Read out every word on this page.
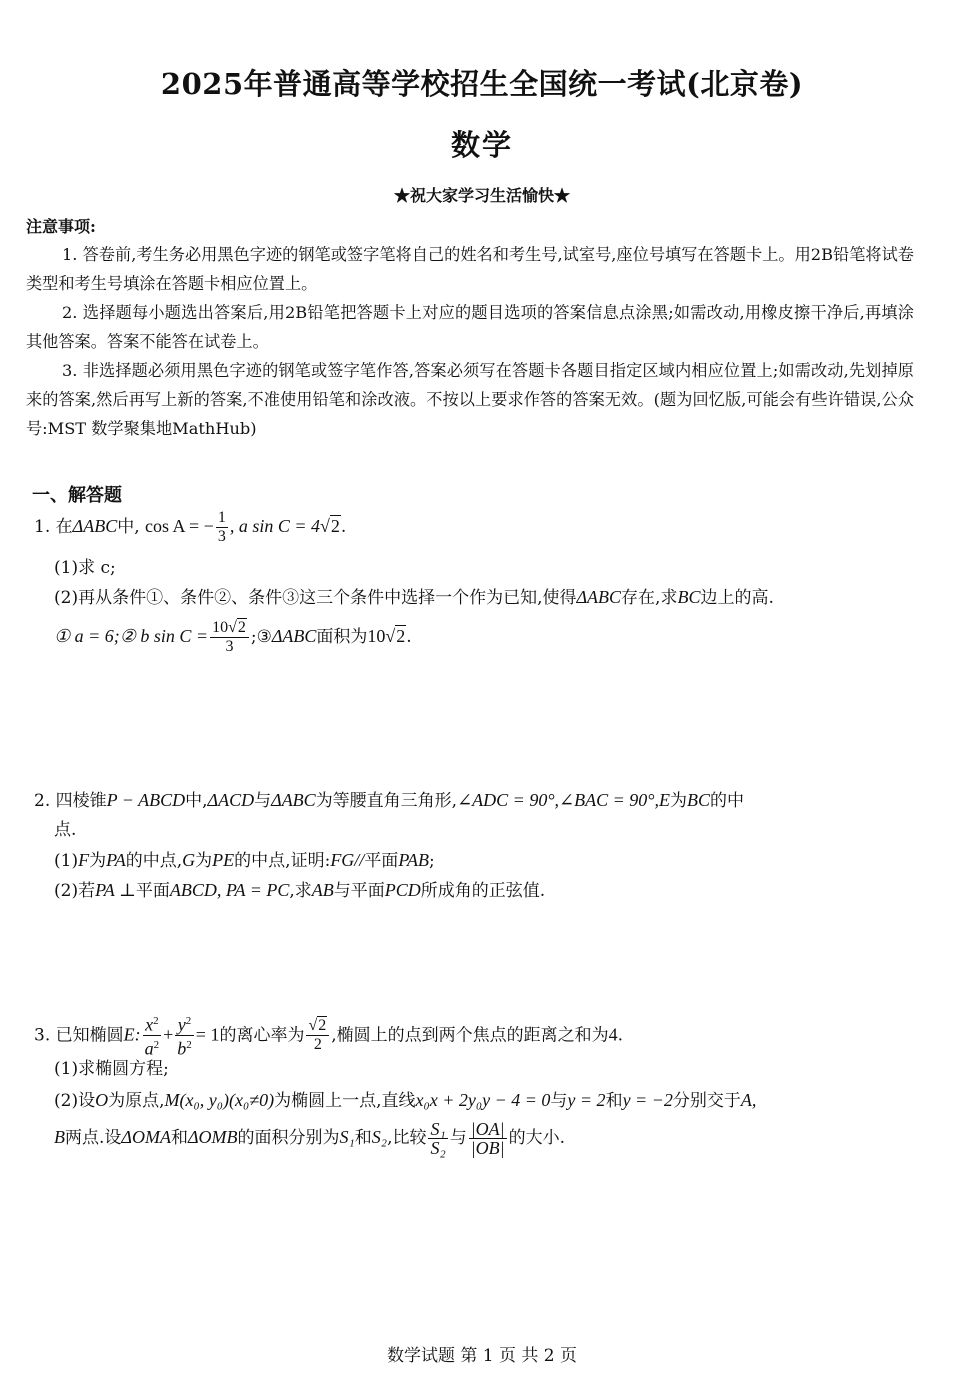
2025年普通高等学校招生全国统一考试(北京卷)
数学
★祝大家学习生活愉快★
注意事项:
1. 答卷前,考生务必用黑色字迹的钢笔或签字笔将自己的姓名和考生号,试室号,座位号填写在答题卡上。用2B铅笔将试卷类型和考生号填涂在答题卡相应位置上。
2. 选择题每小题选出答案后,用2B铅笔把答题卡上对应的题目选项的答案信息点涂黑;如需改动,用橡皮擦干净后,再填涂其他答案。答案不能答在试卷上。
3. 非选择题必须用黑色字迹的钢笔或签字笔作答,答案必须写在答题卡各题目指定区域内相应位置上;如需改动,先划掉原来的答案,然后再写上新的答案,不准使用铅笔和涂改液。不按以上要求作答的答案无效。(题为回忆版,可能会有些许错误,公众号:MST 数学聚集地MathHub)
一、解答题
1. 在ΔABC中, cos A = − $\frac{1}{3}$ , a sin C = 4√2.
(1)求 c;
(2)再从条件①、条件②、条件③这三个条件中选择一个作为已知,使得ΔABC存在,求BC边上的高.
① a = 6;② b $\sin C = \frac{10√2}{3}$ ;③ΔABC面积为10√2.
2. 四棱锥P − ABCD中,ΔACD与ΔABC为等腰直角三角形,∠ADC = 90°,∠BAC = 90°,E为BC的中
点.
(1)F为PA的中点,G为PE的中点,证明:FG//平面PAB;
(2)若PA ⊥平面ABCD, PA = PC,求AB与平面PCD所成角的正弦值.
3. 已知椭圆E: $\frac{x^2}{a^2} + \frac{y^2}{b^2} = 1$的离心率为 $\frac{√2}{2}$ ,椭圆上的点到两个焦点的距离之和为4.
(1)求椭圆方程;
(2)设O为原点,M(x₀, y₀)(x₀≠0)为椭圆上一点,直线x₀x + 2y₀y − 4 = 0与y = 2和y = −2分别交于A,
B两点.设ΔOMA和ΔOMB的面积分别为S₁和S₂,比较 $\frac{\text{S₁}}{\text{S₂}}$ 与 $\frac{|OA|}{|OB|}$ 的大小.
数学试题 第 1 页 共 2 页
